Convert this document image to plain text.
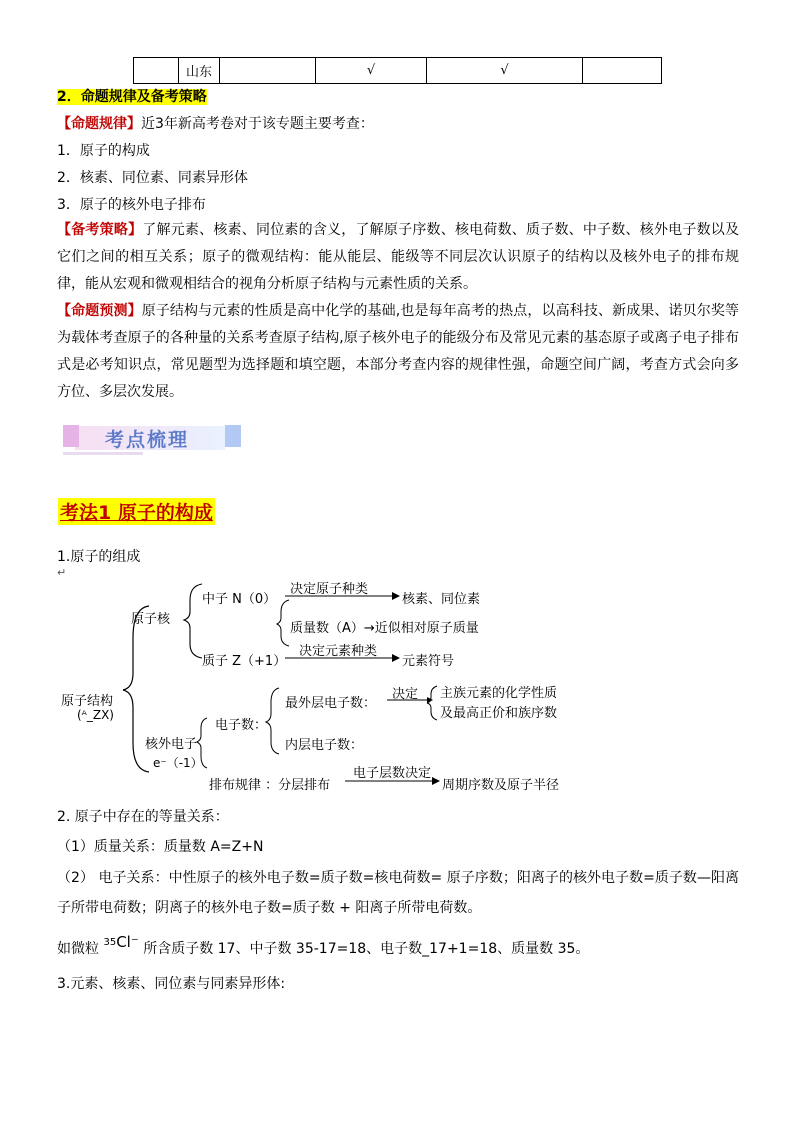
	山东		√	√	
2．命题规律及备考策略
【命题规律】近3年新高考卷对于该专题主要考查：
1．原子的构成
2．核素、同位素、同素异形体
3．原子的核外电子排布
【备考策略】了解元素、核素、同位素的含义，了解原子序数、核电荷数、质子数、中子数、核外电子数以及它们之间的相互关系；原子的微观结构：能从能层、能级等不同层次认识原子的结构以及核外电子的排布规律，能从宏观和微观相结合的视角分析原子结构与元素性质的关系。
【命题预测】原子结构与元素的性质是高中化学的基础,也是每年高考的热点，以高科技、新成果、诺贝尔奖等为载体考查原子的各种量的关系考查原子结构,原子核外电子的能级分布及常见元素的基态原子或离子电子排布式是必考知识点，常见题型为选择题和填空题，本部分考查内容的规律性强，命题空间广阔，考查方式会向多方位、多层次发展。
考点梳理
考法1 原子的构成
1.原子的组成
↵
中子 N（0）
决定原子种类
核素、同位素
原子核
质量数（A）→近似相对原子质量
质子 Z（+1）
决定元素种类
元素符号
原子结构
(ᴬ_ZX)
最外层电子数：
决定 主族元素的化学性质
及最高正价和族序数
电子数：
内层电子数：
核外电子
e⁻（-1）
排布规律 ：分层排布
电子层数决定
周期序数及原子半径
2. 原子中存在的等量关系：
（1）质量关系：质量数 A=Z+N
（2） 电子关系：中性原子的核外电子数=质子数=核电荷数= 原子序数；阳离子的核外电子数=质子数—阳离子所带电荷数；阴离子的核外电子数=质子数 + 阳离子所带电荷数。
如微粒 $^{35}$Cl⁻ 所含质子数 17、中子数 35-17=18、电子数_17+1=18、质量数 35。
3.元素、核素、同位素与同素异形体:
